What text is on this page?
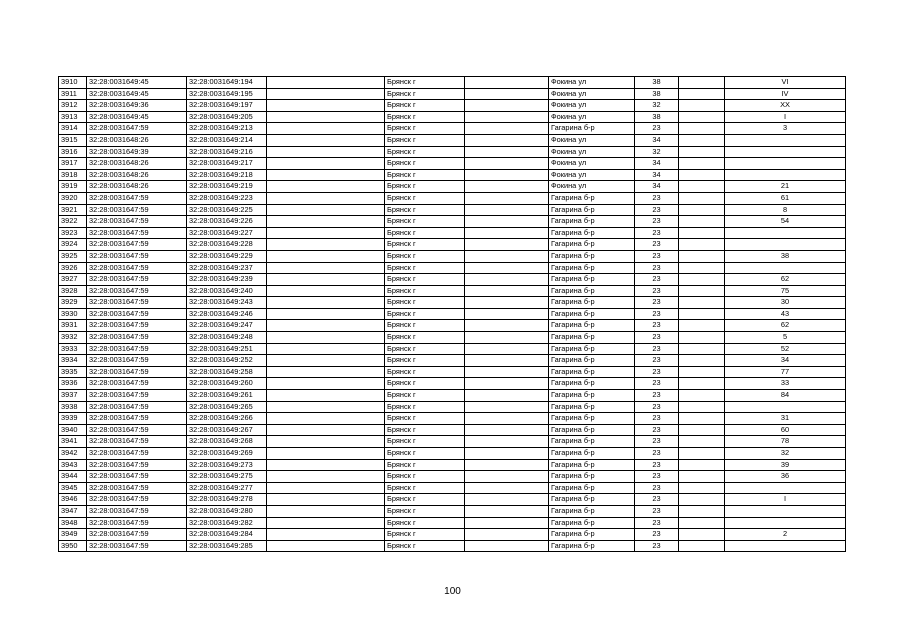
3910	32:28:0031649:45	32:28:0031649:194		Брянск г		Фокина ул	38		VI
3911	32:28:0031649:45	32:28:0031649:195		Брянск г		Фокина ул	38		IV
3912	32:28:0031649:36	32:28:0031649:197		Брянск г		Фокина ул	32		XX
3913	32:28:0031649:45	32:28:0031649:205		Брянск г		Фокина ул	38		I
3914	32:28:0031647:59	32:28:0031649:213		Брянск г		Гагарина б-р	23		3
3915	32:28:0031648:26	32:28:0031649:214		Брянск г		Фокина ул	34		
3916	32:28:0031649:39	32:28:0031649:216		Брянск г		Фокина ул	32		
3917	32:28:0031648:26	32:28:0031649:217		Брянск г		Фокина ул	34		
3918	32:28:0031648:26	32:28:0031649:218		Брянск г		Фокина ул	34		
3919	32:28:0031648:26	32:28:0031649:219		Брянск г		Фокина ул	34		21
3920	32:28:0031647:59	32:28:0031649:223		Брянск г		Гагарина б-р	23		61
3921	32:28:0031647:59	32:28:0031649:225		Брянск г		Гагарина б-р	23		8
3922	32:28:0031647:59	32:28:0031649:226		Брянск г		Гагарина б-р	23		54
3923	32:28:0031647:59	32:28:0031649:227		Брянск г		Гагарина б-р	23		
3924	32:28:0031647:59	32:28:0031649:228		Брянск г		Гагарина б-р	23		
3925	32:28:0031647:59	32:28:0031649:229		Брянск г		Гагарина б-р	23		38
3926	32:28:0031647:59	32:28:0031649:237		Брянск г		Гагарина б-р	23		
3927	32:28:0031647:59	32:28:0031649:239		Брянск г		Гагарина б-р	23		62
3928	32:28:0031647:59	32:28:0031649:240		Брянск г		Гагарина б-р	23		75
3929	32:28:0031647:59	32:28:0031649:243		Брянск г		Гагарина б-р	23		30
3930	32:28:0031647:59	32:28:0031649:246		Брянск г		Гагарина б-р	23		43
3931	32:28:0031647:59	32:28:0031649:247		Брянск г		Гагарина б-р	23		62
3932	32:28:0031647:59	32:28:0031649:248		Брянск г		Гагарина б-р	23		5
3933	32:28:0031647:59	32:28:0031649:251		Брянск г		Гагарина б-р	23		52
3934	32:28:0031647:59	32:28:0031649:252		Брянск г		Гагарина б-р	23		34
3935	32:28:0031647:59	32:28:0031649:258		Брянск г		Гагарина б-р	23		77
3936	32:28:0031647:59	32:28:0031649:260		Брянск г		Гагарина б-р	23		33
3937	32:28:0031647:59	32:28:0031649:261		Брянск г		Гагарина б-р	23		84
3938	32:28:0031647:59	32:28:0031649:265		Брянск г		Гагарина б-р	23		
3939	32:28:0031647:59	32:28:0031649:266		Брянск г		Гагарина б-р	23		31
3940	32:28:0031647:59	32:28:0031649:267		Брянск г		Гагарина б-р	23		60
3941	32:28:0031647:59	32:28:0031649:268		Брянск г		Гагарина б-р	23		78
3942	32:28:0031647:59	32:28:0031649:269		Брянск г		Гагарина б-р	23		32
3943	32:28:0031647:59	32:28:0031649:273		Брянск г		Гагарина б-р	23		39
3944	32:28:0031647:59	32:28:0031649:275		Брянск г		Гагарина б-р	23		36
3945	32:28:0031647:59	32:28:0031649:277		Брянск г		Гагарина б-р	23		
3946	32:28:0031647:59	32:28:0031649:278		Брянск г		Гагарина б-р	23		I
3947	32:28:0031647:59	32:28:0031649:280		Брянск г		Гагарина б-р	23		
3948	32:28:0031647:59	32:28:0031649:282		Брянск г		Гагарина б-р	23		
3949	32:28:0031647:59	32:28:0031649:284		Брянск г		Гагарина б-р	23		2
3950	32:28:0031647:59	32:28:0031649:285		Брянск г		Гагарина б-р	23		
100
